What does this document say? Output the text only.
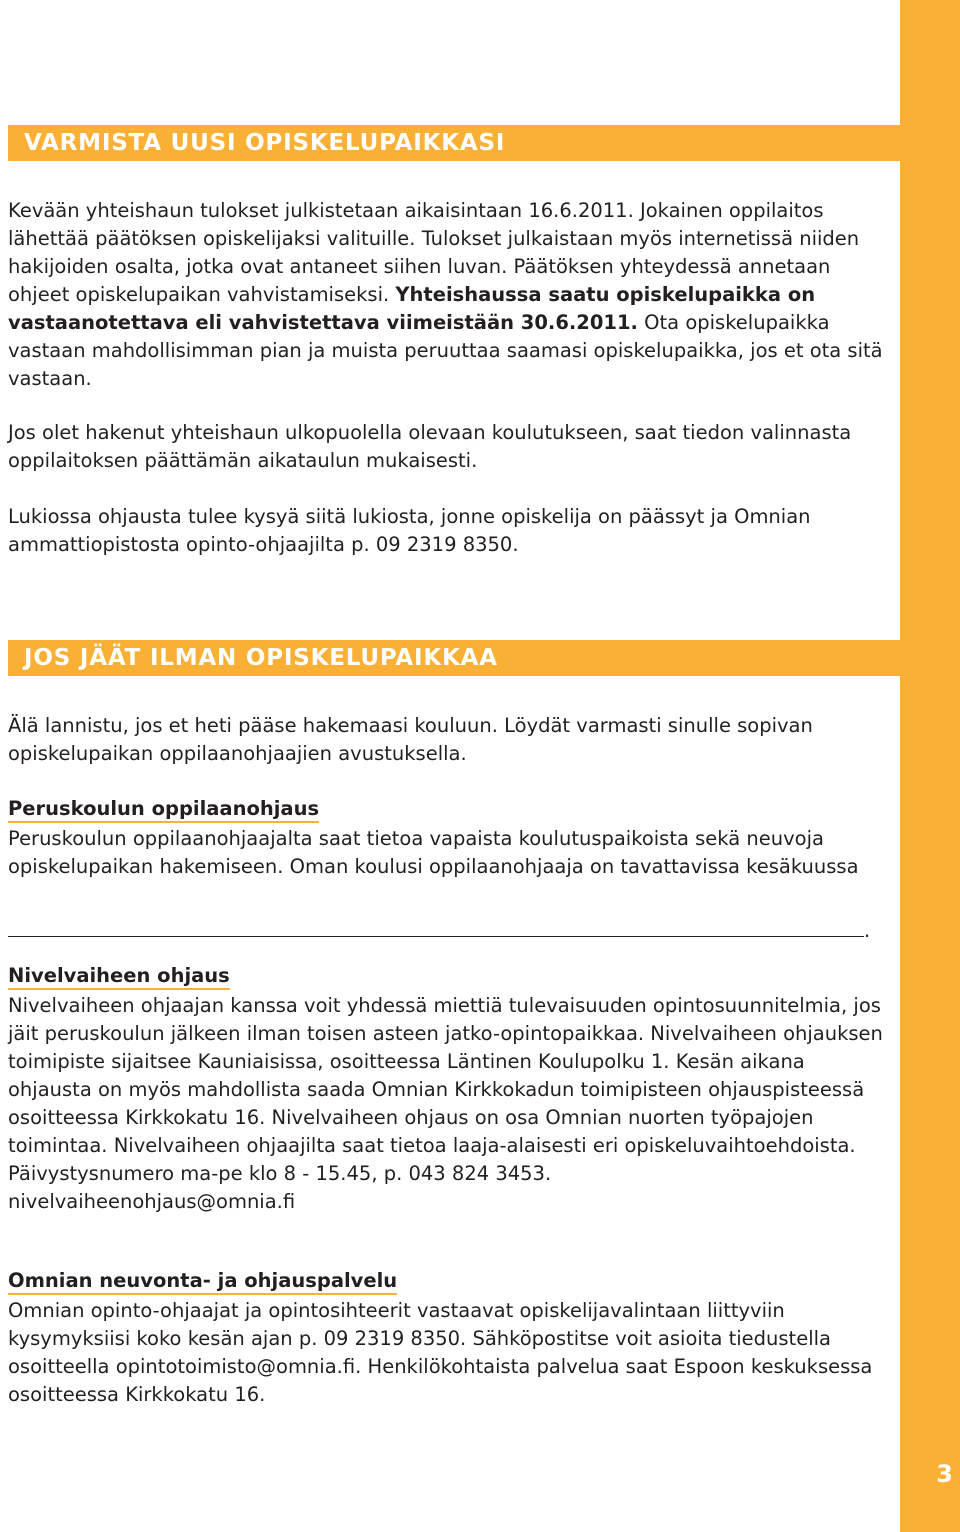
3
VARMISTA UUSI OPISKELUPAIKKASI

Kevään yhteishaun tulokset julkistetaan aikaisintaan 16.6.2011. Jokainen oppilaitos lähettää päätöksen opiskelijaksi valituille. Tulokset julkaistaan myös internetissä niiden hakijoiden osalta, jotka ovat antaneet siihen luvan. Päätöksen yhteydessä annetaan ohjeet opiskelupaikan vahvistamiseksi. Yhteishaussa saatu opiskelupaikka on vastaanotettava eli vahvistettava viimeistään 30.6.2011. Ota opiskelupaikka vastaan mahdollisimman pian ja muista peruuttaa saamasi opiskelupaikka, jos et ota sitä vastaan.

Jos olet hakenut yhteishaun ulkopuolella olevaan koulutukseen, saat tiedon valinnasta oppilaitoksen päättämän aikataulun mukaisesti.

Lukiossa ohjausta tulee kysyä siitä lukiosta, jonne opiskelija on päässyt ja Omnian ammattiopistosta opinto-ohjaajilta p. 09 2319 8350.

JOS JÄÄT ILMAN OPISKELUPAIKKAA

Älä lannistu, jos et heti pääse hakemaasi kouluun. Löydät varmasti sinulle sopivan opiskelupaikan oppilaanohjaajien avustuksella.

Peruskoulun oppilaanohjaus
Peruskoulun oppilaanohjaajalta saat tietoa vapaista koulutuspaikoista sekä neuvoja opiskelupaikan hakemiseen. Oman koulusi oppilaanohjaaja on tavattavissa kesäkuussa
.
Nivelvaiheen ohjaus
Nivelvaiheen ohjaajan kanssa voit yhdessä miettiä tulevaisuuden opintosuunnitelmia, jos jäit peruskoulun jälkeen ilman toisen asteen jatko-opintopaikkaa. Nivelvaiheen ohjauksen toimipiste sijaitsee Kauniaisissa, osoitteessa Läntinen Koulupolku 1. Kesän aikana ohjausta on myös mahdollista saada Omnian Kirkkokadun toimipisteen ohjauspisteessä osoitteessa Kirkkokatu 16. Nivelvaiheen ohjaus on osa Omnian nuorten työpajojen toimintaa. Nivelvaiheen ohjaajilta saat tietoa laaja-alaisesti eri opiskeluvaihtoehdoista.
Päivystysnumero ma-pe klo 8 - 15.45, p. 043 824 3453.
nivelvaiheenohjaus@omnia.fi
Omnian neuvonta- ja ohjauspalvelu
Omnian opinto-ohjaajat ja opintosihteerit vastaavat opiskelijavalintaan liittyviin kysymyksiisi koko kesän ajan p. 09 2319 8350. Sähköpostitse voit asioita tiedustella osoitteella opintotoimisto@omnia.fi. Henkilökohtaista palvelua saat Espoon keskuksessa osoitteessa Kirkkokatu 16.
